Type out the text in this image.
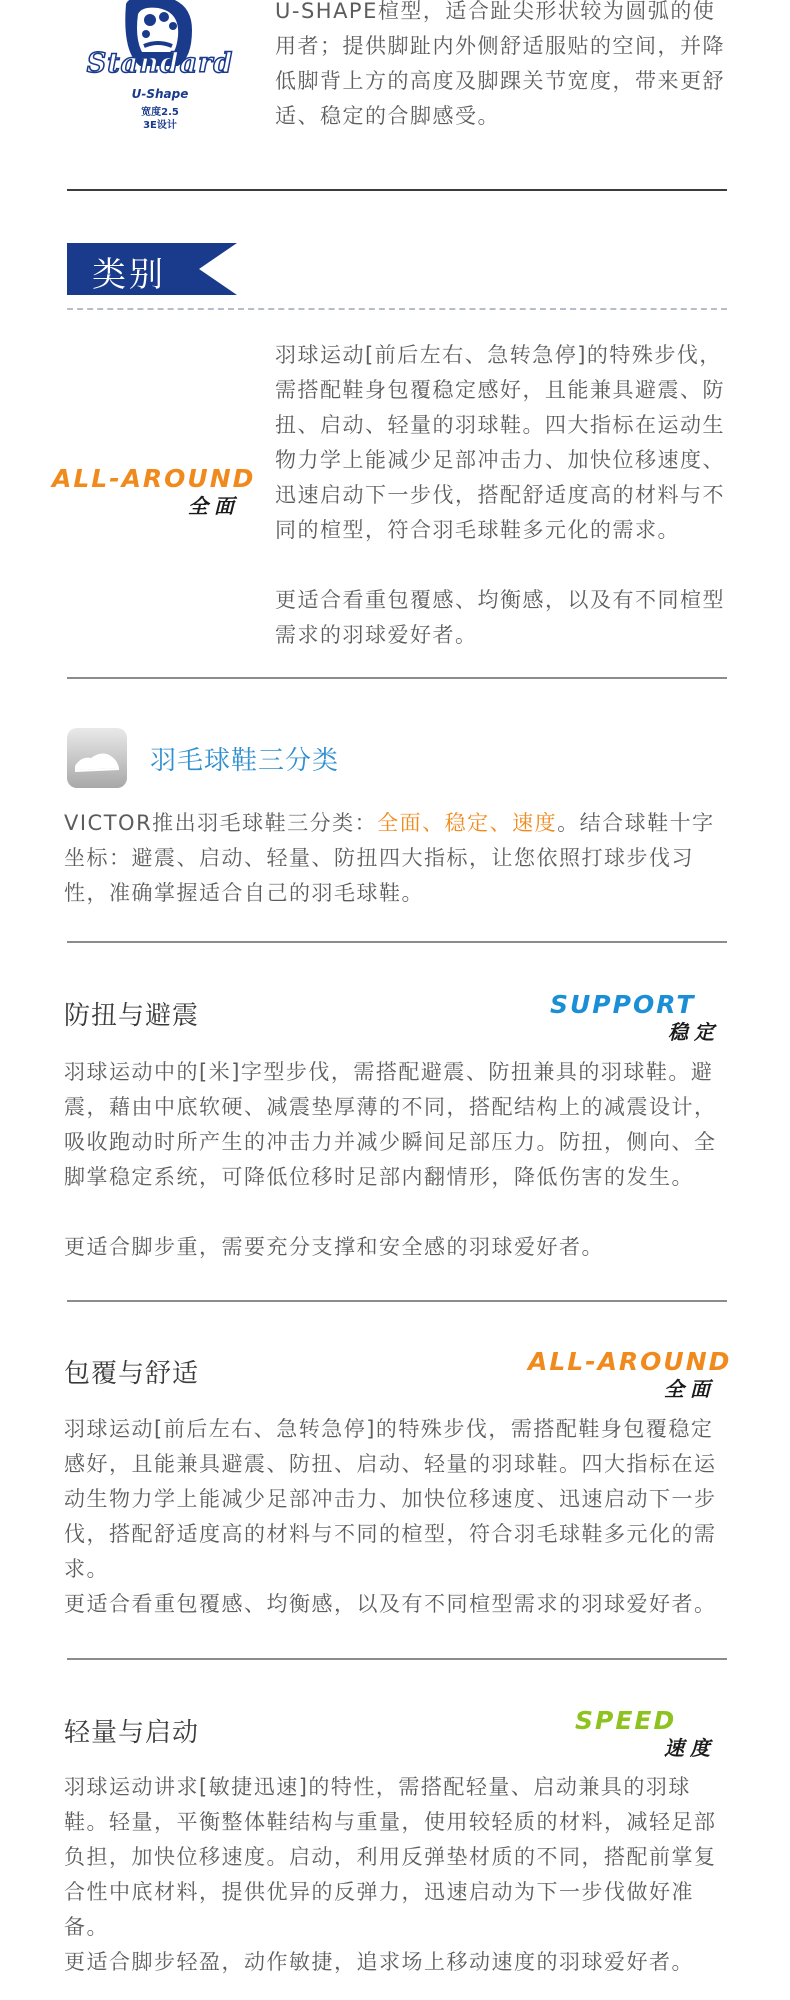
Standard
U-Shape
宽度2.5
3E设计

U-SHAPE楦型，适合趾尖形状较为圆弧的使用者；提供脚趾内外侧舒适服贴的空间，并降低脚背上方的高度及脚踝关节宽度，带来更舒适、稳定的合脚感受。

类别
ALL-AROUND
全面

羽球运动[前后左右、急转急停]的特殊步伐，需搭配鞋身包覆稳定感好，且能兼具避震、防扭、启动、轻量的羽球鞋。四大指标在运动生物力学上能减少足部冲击力、加快位移速度、迅速启动下一步伐，搭配舒适度高的材料与不同的楦型，符合羽毛球鞋多元化的需求。

更适合看重包覆感、均衡感，以及有不同楦型需求的羽球爱好者。

羽毛球鞋三分类

VICTOR推出羽毛球鞋三分类：全面、稳定、速度。结合球鞋十字坐标：避震、启动、轻量、防扭四大指标，让您依照打球步伐习性，准确掌握适合自己的羽毛球鞋。

防扭与避震	SUPPORT
稳定

羽球运动中的[米]字型步伐，需搭配避震、防扭兼具的羽球鞋。避震，藉由中底软硬、减震垫厚薄的不同，搭配结构上的减震设计，吸收跑动时所产生的冲击力并减少瞬间足部压力。防扭，侧向、全脚掌稳定系统，可降低位移时足部内翻情形，降低伤害的发生。

更适合脚步重，需要充分支撑和安全感的羽球爱好者。

包覆与舒适	ALL-AROUND
全面

羽球运动[前后左右、急转急停]的特殊步伐，需搭配鞋身包覆稳定感好，且能兼具避震、防扭、启动、轻量的羽球鞋。四大指标在运动生物力学上能减少足部冲击力、加快位移速度、迅速启动下一步伐，搭配舒适度高的材料与不同的楦型，符合羽毛球鞋多元化的需求。

更适合看重包覆感、均衡感，以及有不同楦型需求的羽球爱好者。

轻量与启动	SPEED
速度

羽球运动讲求[敏捷迅速]的特性，需搭配轻量、启动兼具的羽球鞋。轻量，平衡整体鞋结构与重量，使用较轻质的材料，减轻足部负担，加快位移速度。启动，利用反弹垫材质的不同，搭配前掌复合性中底材料，提供优异的反弹力，迅速启动为下一步伐做好准备。

更适合脚步轻盈，动作敏捷，追求场上移动速度的羽球爱好者。
